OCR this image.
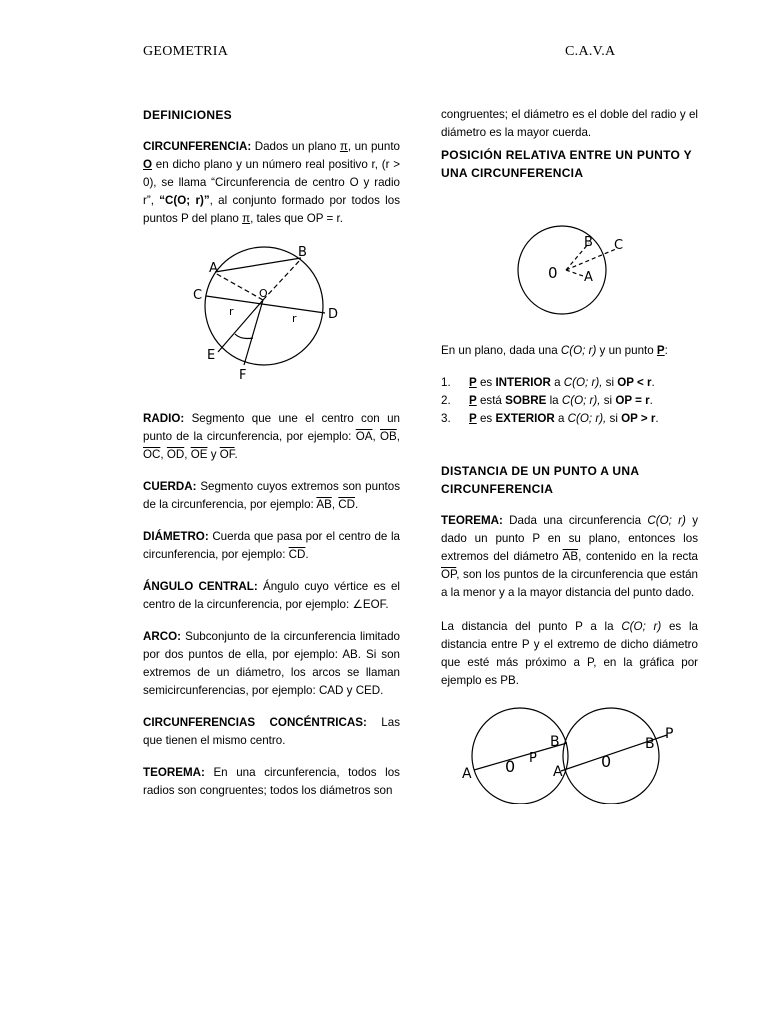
GEOMETRIA	C.A.V.A
DEFINICIONES

CIRCUNFERENCIA: Dados un plano π, un punto O en dicho plano y un número real positivo r, (r > 0), se llama “Circunferencia de centro O y radio r”, “C(O; r)”, al conjunto formado por todos los puntos P del plano π, tales que OP = r.

A
B
C
D
E
F
O
r
r

RADIO: Segmento que une el centro con un punto de la circunferencia, por ejemplo: $\overline{OA}$, $\overline{OB}$, $\overline{OC}$, $\overline{OD}$, $\overline{OE}$ y $\overline{OF}$.

CUERDA: Segmento cuyos extremos son puntos de la circunferencia, por ejemplo: $\overline{AB}$, $\overline{CD}$.

DIÁMETRO: Cuerda que pasa por el centro de la circunferencia, por ejemplo: $\overline{CD}$.

ÁNGULO CENTRAL: Ángulo cuyo vértice es el centro de la circunferencia, por ejemplo: ∠EOF.

ARCO: Subconjunto de la circunferencia limitado por dos puntos de ella, por ejemplo: AB. Si son extremos de un diámetro, los arcos se llaman semicircunferencias, por ejemplo: CAD y CED.

CIRCUNFERENCIAS CONCÉNTRICAS: Las que tienen el mismo centro.

TEOREMA: En una circunferencia, todos los radios son congruentes; todos los diámetros son

congruentes; el diámetro es el doble del radio y el diámetro es la mayor cuerda.

POSICIÓN RELATIVA ENTRE UN PUNTO Y UNA CIRCUNFERENCIA
0 A
B C

En un plano, dada una C(O; r) y un punto P:

1. P es INTERIOR a C(O; r), si OP < r.
2. P está SOBRE la C(O; r), si OP = r.
3. P es EXTERIOR a C(O; r), si OP > r.
DISTANCIA DE UN PUNTO A UNA CIRCUNFERENCIA

TEOREMA: Dada una circunferencia C(O; r) y dado un punto P en su plano, entonces los extremos del diámetro $\overline{AB}$, contenido en la recta $\overline{OP}$, son los puntos de la circunferencia que están a la menor y a la mayor distancia del punto dado.

La distancia del punto P a la C(O; r) es la distancia entre P y el extremo de dicho diámetro que esté más próximo a P, en la gráfica por ejemplo es PB.

A 0 P
B
A
0
B
P
